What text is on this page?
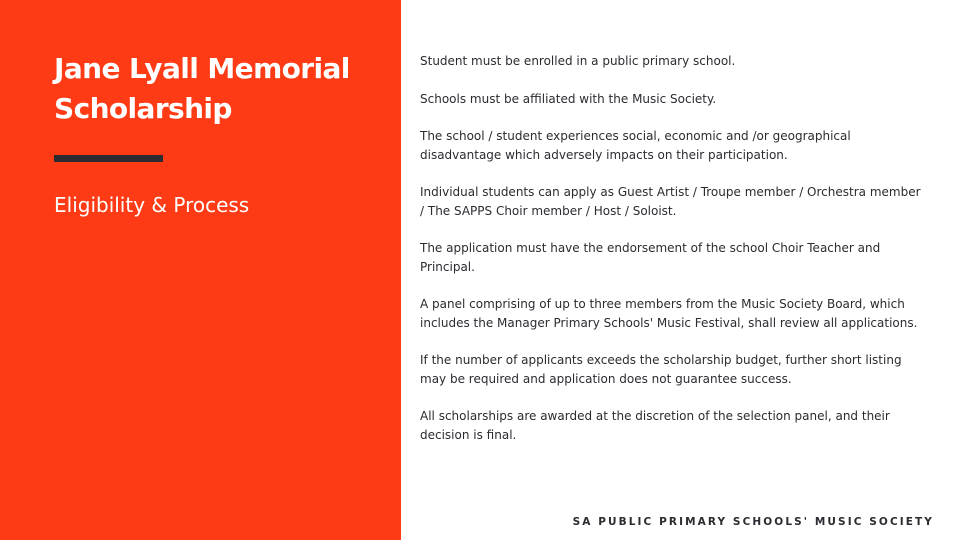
Jane Lyall Memorial Scholarship
Eligibility & Process
Student must be enrolled in a public primary school.
Schools must be affiliated with the Music Society.
The school / student experiences social, economic and /or geographical disadvantage which adversely impacts on their participation.
Individual students can apply as Guest Artist / Troupe member / Orchestra member / The SAPPS Choir member / Host / Soloist.
The application must have the endorsement of the school Choir Teacher and Principal.
A panel comprising of up to three members from the Music Society Board, which includes the Manager Primary Schools' Music Festival, shall review all applications.
If the number of applicants exceeds the scholarship budget, further short listing may be required and application does not guarantee success.
All scholarships are awarded at the discretion of the selection panel, and their decision is final.

SA PUBLIC PRIMARY SCHOOLS' MUSIC SOCIETY
